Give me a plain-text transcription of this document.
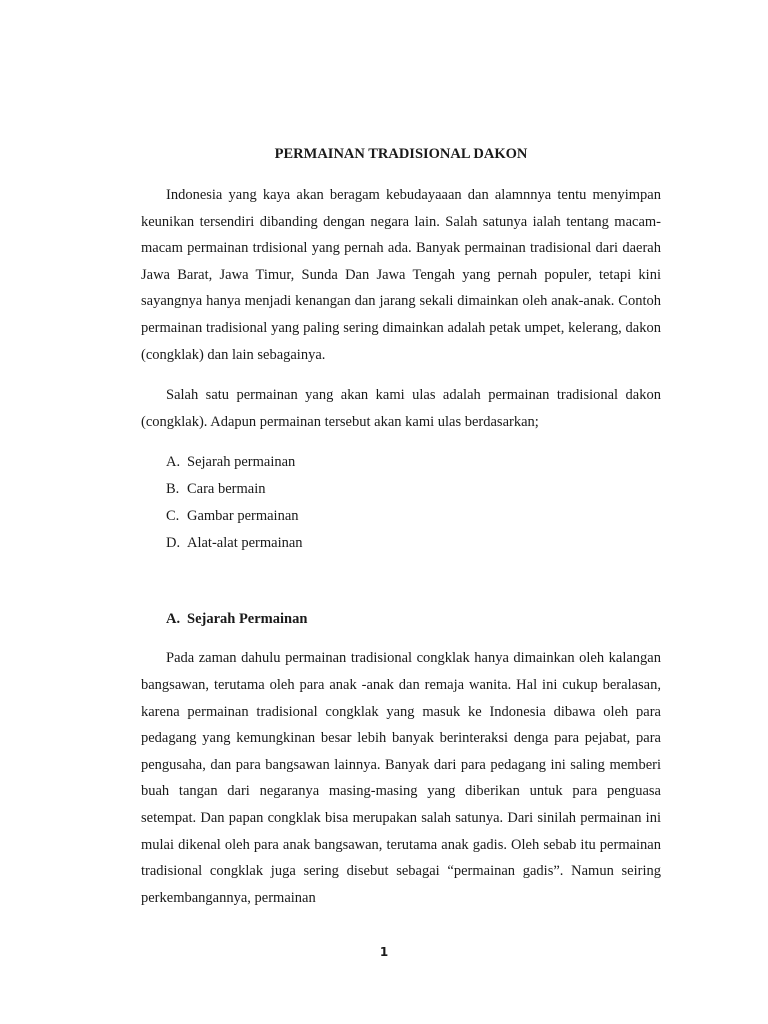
PERMAINAN TRADISIONAL DAKON

Indonesia yang kaya akan beragam kebudayaaan dan alamnnya tentu menyimpan keunikan tersendiri dibanding dengan negara lain. Salah satunya ialah tentang macam-macam permainan trdisional yang pernah ada. Banyak permainan tradisional dari daerah Jawa Barat, Jawa Timur, Sunda Dan Jawa Tengah yang pernah populer, tetapi kini sayangnya hanya menjadi kenangan dan jarang sekali dimainkan oleh anak-anak. Contoh permainan tradisional yang paling sering dimainkan adalah petak umpet, kelerang, dakon (congklak) dan lain sebagainya.

Salah satu permainan yang akan kami ulas adalah permainan tradisional dakon (congklak). Adapun permainan tersebut akan kami ulas berdasarkan;

A. Sejarah permainan
B. Cara bermain
C. Gambar permainan
D. Alat-alat permainan
A. Sejarah Permainan

Pada zaman dahulu permainan tradisional congklak hanya dimainkan oleh kalangan bangsawan, terutama oleh para anak -anak dan remaja wanita. Hal ini cukup beralasan, karena permainan tradisional congklak yang masuk ke Indonesia dibawa oleh para pedagang yang kemungkinan besar lebih banyak berinteraksi denga para pejabat, para pengusaha, dan para bangsawan lainnya. Banyak dari para pedagang ini saling memberi buah tangan dari negaranya masing-masing yang diberikan untuk para penguasa setempat. Dan papan congklak bisa merupakan salah satunya. Dari sinilah permainan ini mulai dikenal oleh para anak bangsawan, terutama anak gadis. Oleh sebab itu permainan tradisional congklak juga sering disebut sebagai “permainan gadis”. Namun seiring perkembangannya, permainan

1
